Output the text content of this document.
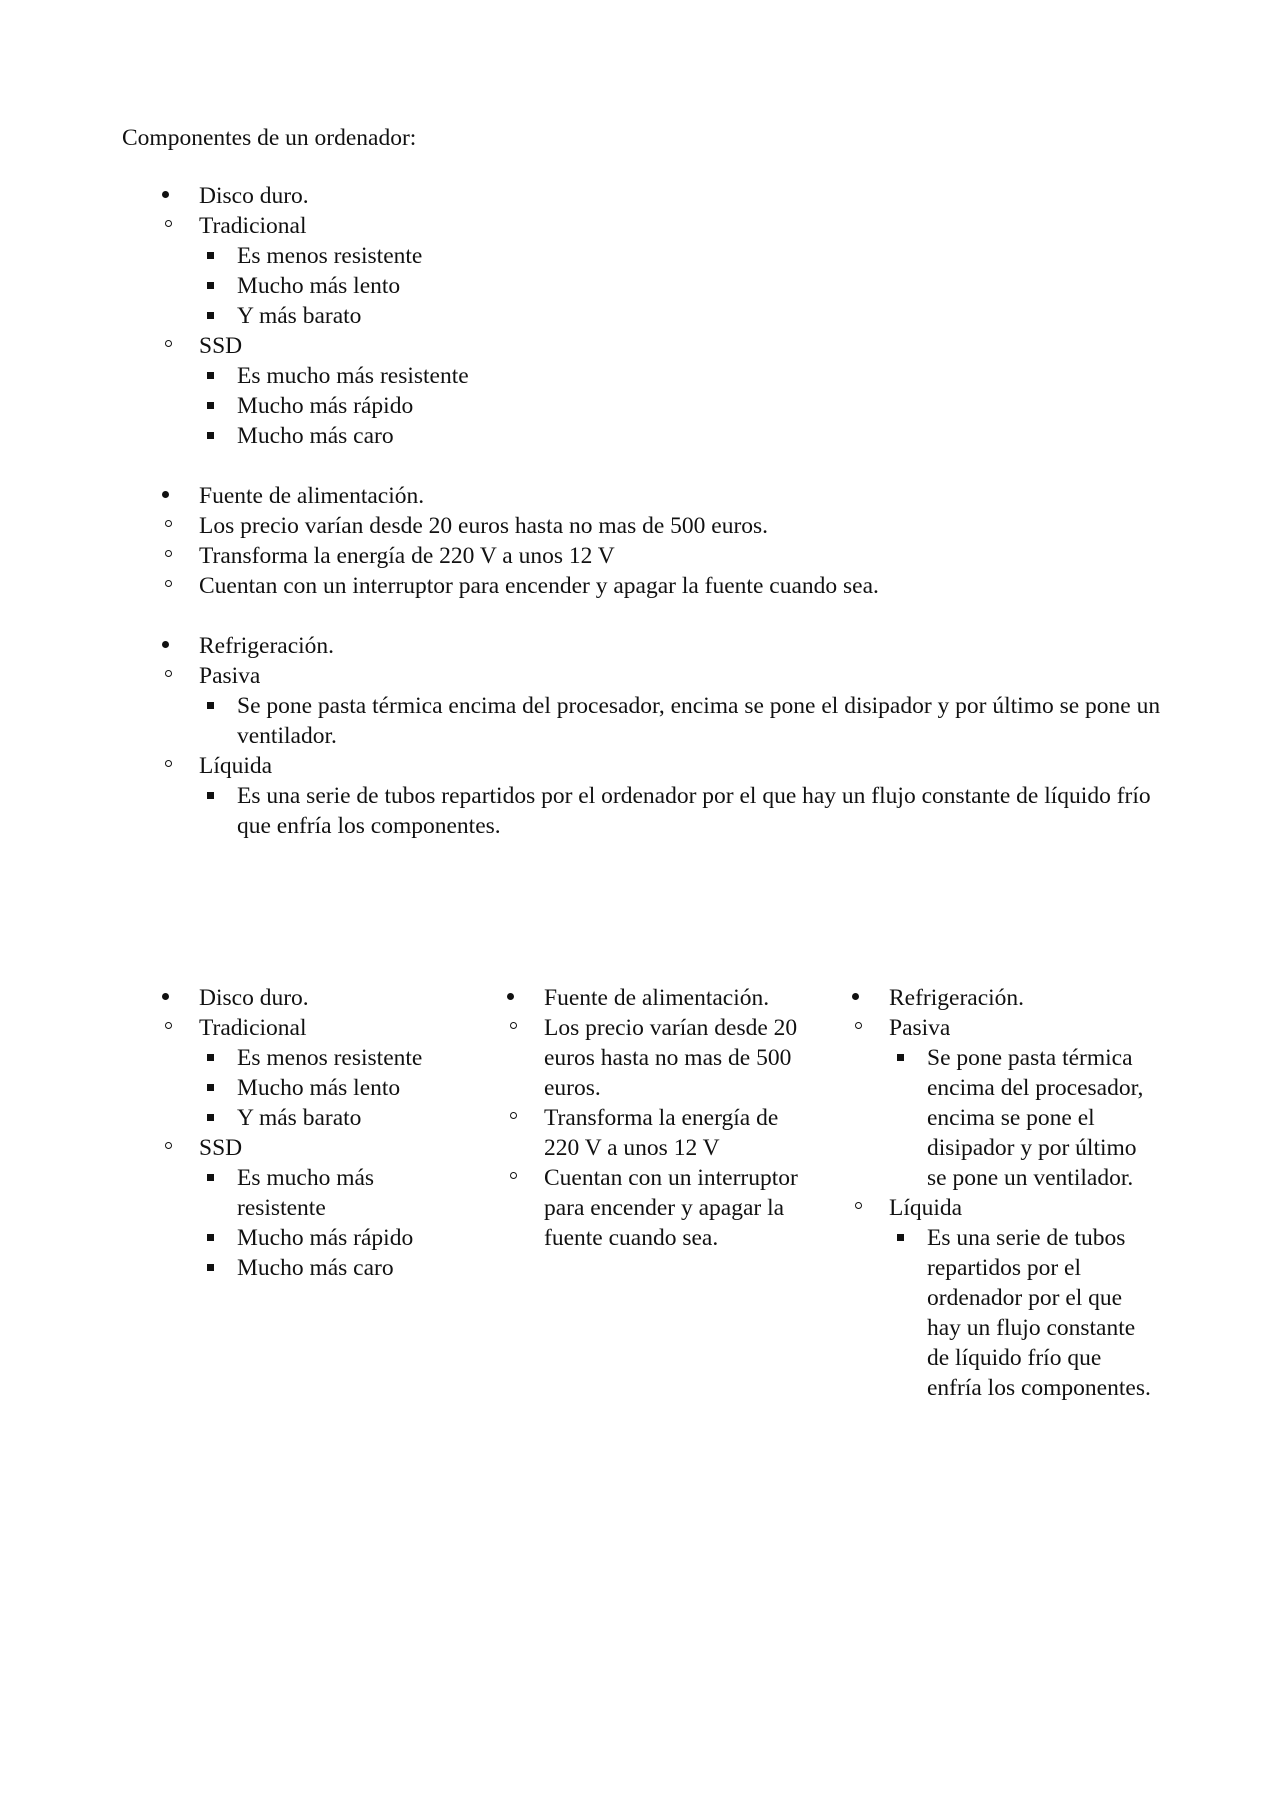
Componentes de un ordenador:
Disco duro.
Tradicional
Es menos resistente
Mucho más lento
Y más barato
SSD
Es mucho más resistente
Mucho más rápido
Mucho más caro
Fuente de alimentación.
Los precio varían desde 20 euros hasta no mas de 500 euros.
Transforma la energía de 220 V a unos 12 V
Cuentan con un interruptor para encender y apagar la fuente cuando sea.
Refrigeración.
Pasiva
Se pone pasta térmica encima del procesador, encima se pone el disipador y por último se pone un ventilador.
Líquida
Es una serie de tubos repartidos por el ordenador por el que hay un flujo constante de líquido frío que enfría los componentes.
Disco duro.
Tradicional
Es menos resistente
Mucho más lento
Y más barato
SSD
Es mucho más resistente
Mucho más rápido
Mucho más caro
Fuente de alimentación.
Los precio varían desde 20 euros hasta no mas de 500 euros.
Transforma la energía de 220 V a unos 12 V
Cuentan con un interruptor para encender y apagar la fuente cuando sea.
Refrigeración.
Pasiva
Se pone pasta térmica encima del procesador, encima se pone el disipador y por último se pone un ventilador.
Líquida
Es una serie de tubos repartidos por el ordenador por el que hay un flujo constante de líquido frío que enfría los componentes.
